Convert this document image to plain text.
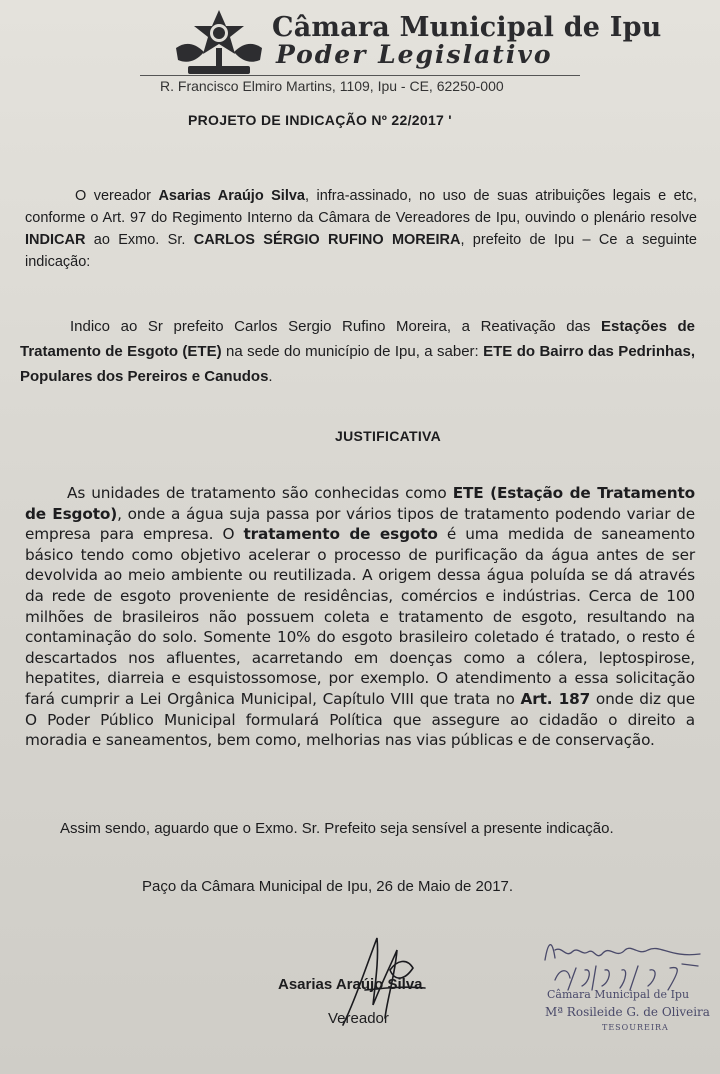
Câmara Municipal de Ipu
Poder Legislativo
R. Francisco Elmiro Martins, 1109, Ipu - CE, 62250-000
PROJETO DE INDICAÇÃO Nº 22/2017 '

O vereador Asarias Araújo Silva, infra-assinado, no uso de suas atribuições legais e etc, conforme o Art. 97 do Regimento Interno da Câmara de Vereadores de Ipu, ouvindo o plenário resolve INDICAR ao Exmo. Sr. CARLOS SÉRGIO RUFINO MOREIRA, prefeito de Ipu – Ce a seguinte indicação:

Indico ao Sr prefeito Carlos Sergio Rufino Moreira, a Reativação das Estações de Tratamento de Esgoto (ETE) na sede do município de Ipu, a saber: ETE do Bairro das Pedrinhas, Populares dos Pereiros e Canudos.

JUSTIFICATIVA

As unidades de tratamento são conhecidas como ETE (Estação de Tratamento de Esgoto), onde a água suja passa por vários tipos de tratamento podendo variar de empresa para empresa. O tratamento de esgoto é uma medida de saneamento básico tendo como objetivo acelerar o processo de purificação da água antes de ser devolvida ao meio ambiente ou reutilizada. A origem dessa água poluída se dá através da rede de esgoto proveniente de residências, comércios e indústrias. Cerca de 100 milhões de brasileiros não possuem coleta e tratamento de esgoto, resultando na contaminação do solo. Somente 10% do esgoto brasileiro coletado é tratado, o resto é descartados nos afluentes, acarretando em doenças como a cólera, leptospirose, hepatites, diarreia e esquistossomose, por exemplo. O atendimento a essa solicitação fará cumprir a Lei Orgânica Municipal, Capítulo VIII que trata no Art. 187 onde diz que O Poder Público Municipal formulará Política que assegure ao cidadão o direito a moradia e saneamentos, bem como, melhorias nas vias públicas e de conservação.

Assim sendo, aguardo que o Exmo. Sr. Prefeito seja sensível a presente indicação.
Paço da Câmara Municipal de Ipu, 26 de Maio de 2017.
Asarias Araújo Silva
Vereador
Câmara Municipal de Ipu
Mª Rosileide G. de Oliveira
TESOUREIRA
